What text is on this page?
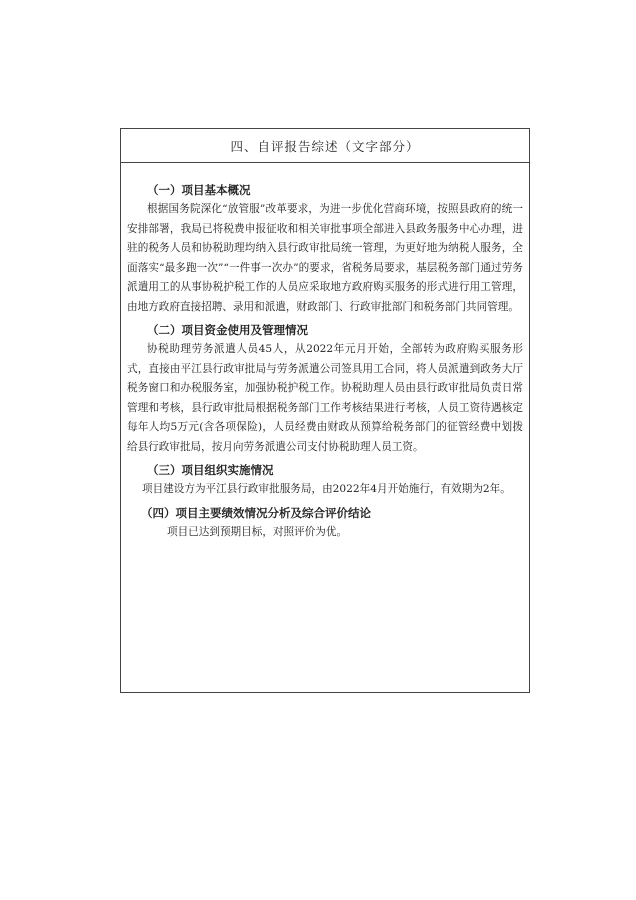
四、自评报告综述（文字部分）
（一）项目基本概况

根据国务院深化“放管服”改革要求，为进一步优化营商环境，按照县政府的统一安排部署，我局已将税费申报征收和相关审批事项全部进入县政务服务中心办理，进驻的税务人员和协税助理均纳入县行政审批局统一管理，为更好地为纳税人服务，全面落实“最多跑一次”“一件事一次办”的要求，省税务局要求，基层税务部门通过劳务派遣用工的从事协税护税工作的人员应采取地方政府购买服务的形式进行用工管理，由地方政府直接招聘、录用和派遣，财政部门、行政审批部门和税务部门共同管理。

（二）项目资金使用及管理情况

协税助理劳务派遣人员45人，从2022年元月开始，全部转为政府购买服务形式，直接由平江县行政审批局与劳务派遣公司签具用工合同，将人员派遣到政务大厅税务窗口和办税服务室，加强协税护税工作。协税助理人员由县行政审批局负责日常管理和考核，县行政审批局根据税务部门工作考核结果进行考核，人员工资待遇核定每年人均5万元(含各项保险)，人员经费由财政从预算给税务部门的征管经费中划拨给县行政审批局，按月向劳务派遣公司支付协税助理人员工资。

（三）项目组织实施情况

项目建设方为平江县行政审批服务局，由2022年4月开始施行，有效期为2年。

（四）项目主要绩效情况分析及综合评价结论

项目已达到预期目标，对照评价为优。
